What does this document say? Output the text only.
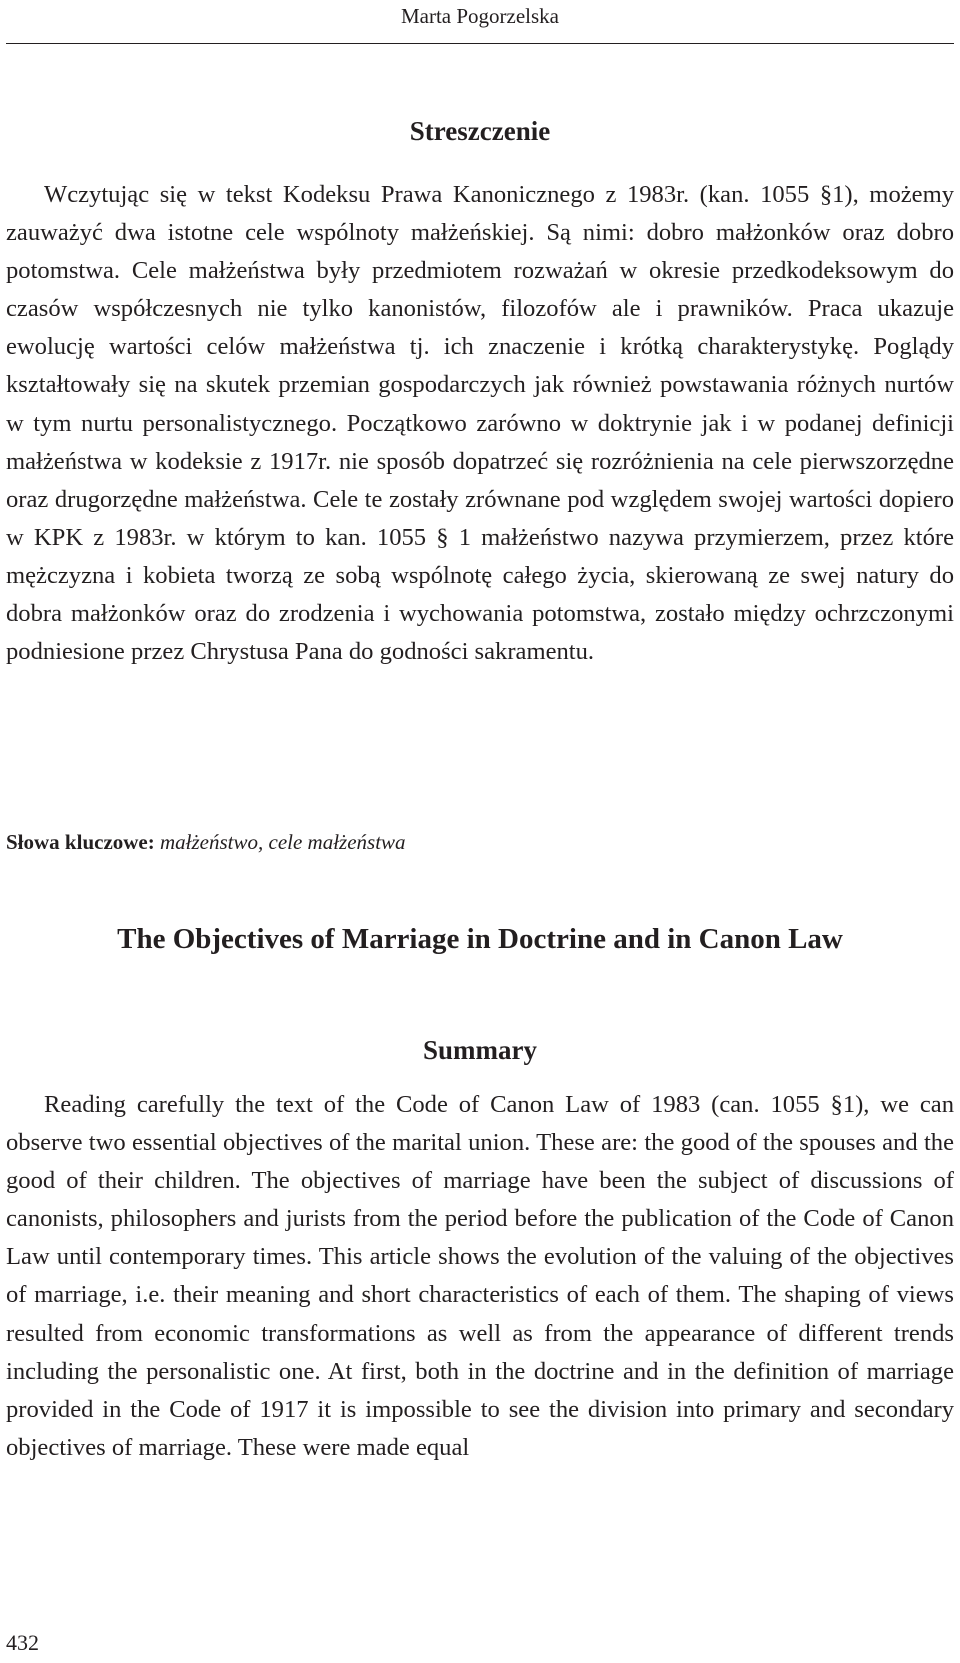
Marta Pogorzelska
Streszczenie

Wczytując się w tekst Kodeksu Prawa Kanonicznego z 1983r. (kan. 1055 §1), możemy zauważyć dwa istotne cele wspólnoty małżeńskiej. Są nimi: dobro małżonków oraz dobro potomstwa. Cele małżeństwa były przedmiotem rozważań w okresie przedkodeksowym do czasów współczesnych nie tylko kanonistów, filozofów ale i prawników. Praca ukazuje ewolucję wartości celów małżeństwa tj. ich znaczenie i krótką charakterystykę. Poglądy kształtowały się na skutek przemian gospodarczych jak również powstawania różnych nurtów w tym nurtu personalistycznego. Początkowo zarówno w doktrynie jak i w podanej definicji małżeństwa w kodeksie z 1917r. nie sposób dopatrzeć się rozróżnienia na cele pierwszorzędne oraz drugorzędne małżeństwa. Cele te zostały zrównane pod względem swojej wartości dopiero w KPK z 1983r. w którym to kan. 1055 § 1 małżeństwo nazywa przymierzem, przez które mężczyzna i kobieta tworzą ze sobą wspólnotę całego życia, skierowaną ze swej natury do dobra małżonków oraz do zrodzenia i wychowania potomstwa, zostało między ochrzczonymi podniesione przez Chrystusa Pana do godności sakramentu.

Słowa kluczowe: małżeństwo, cele małżeństwa
The Objectives of Marriage in Doctrine and in Canon Law
Summary

Reading carefully the text of the Code of Canon Law of 1983 (can. 1055 §1), we can observe two essential objectives of the marital union. These are: the good of the spouses and the good of their children. The objectives of marriage have been the subject of discussions of canonists, philosophers and jurists from the period before the publication of the Code of Canon Law until contemporary times. This article shows the evolution of the valuing of the objectives of marriage, i.e. their meaning and short characteristics of each of them. The shaping of views resulted from economic transformations as well as from the appearance of different trends including the personalistic one. At first, both in the doctrine and in the definition of marriage provided in the Code of 1917 it is impossible to see the division into primary and secondary objectives of marriage. These were made equal

432
